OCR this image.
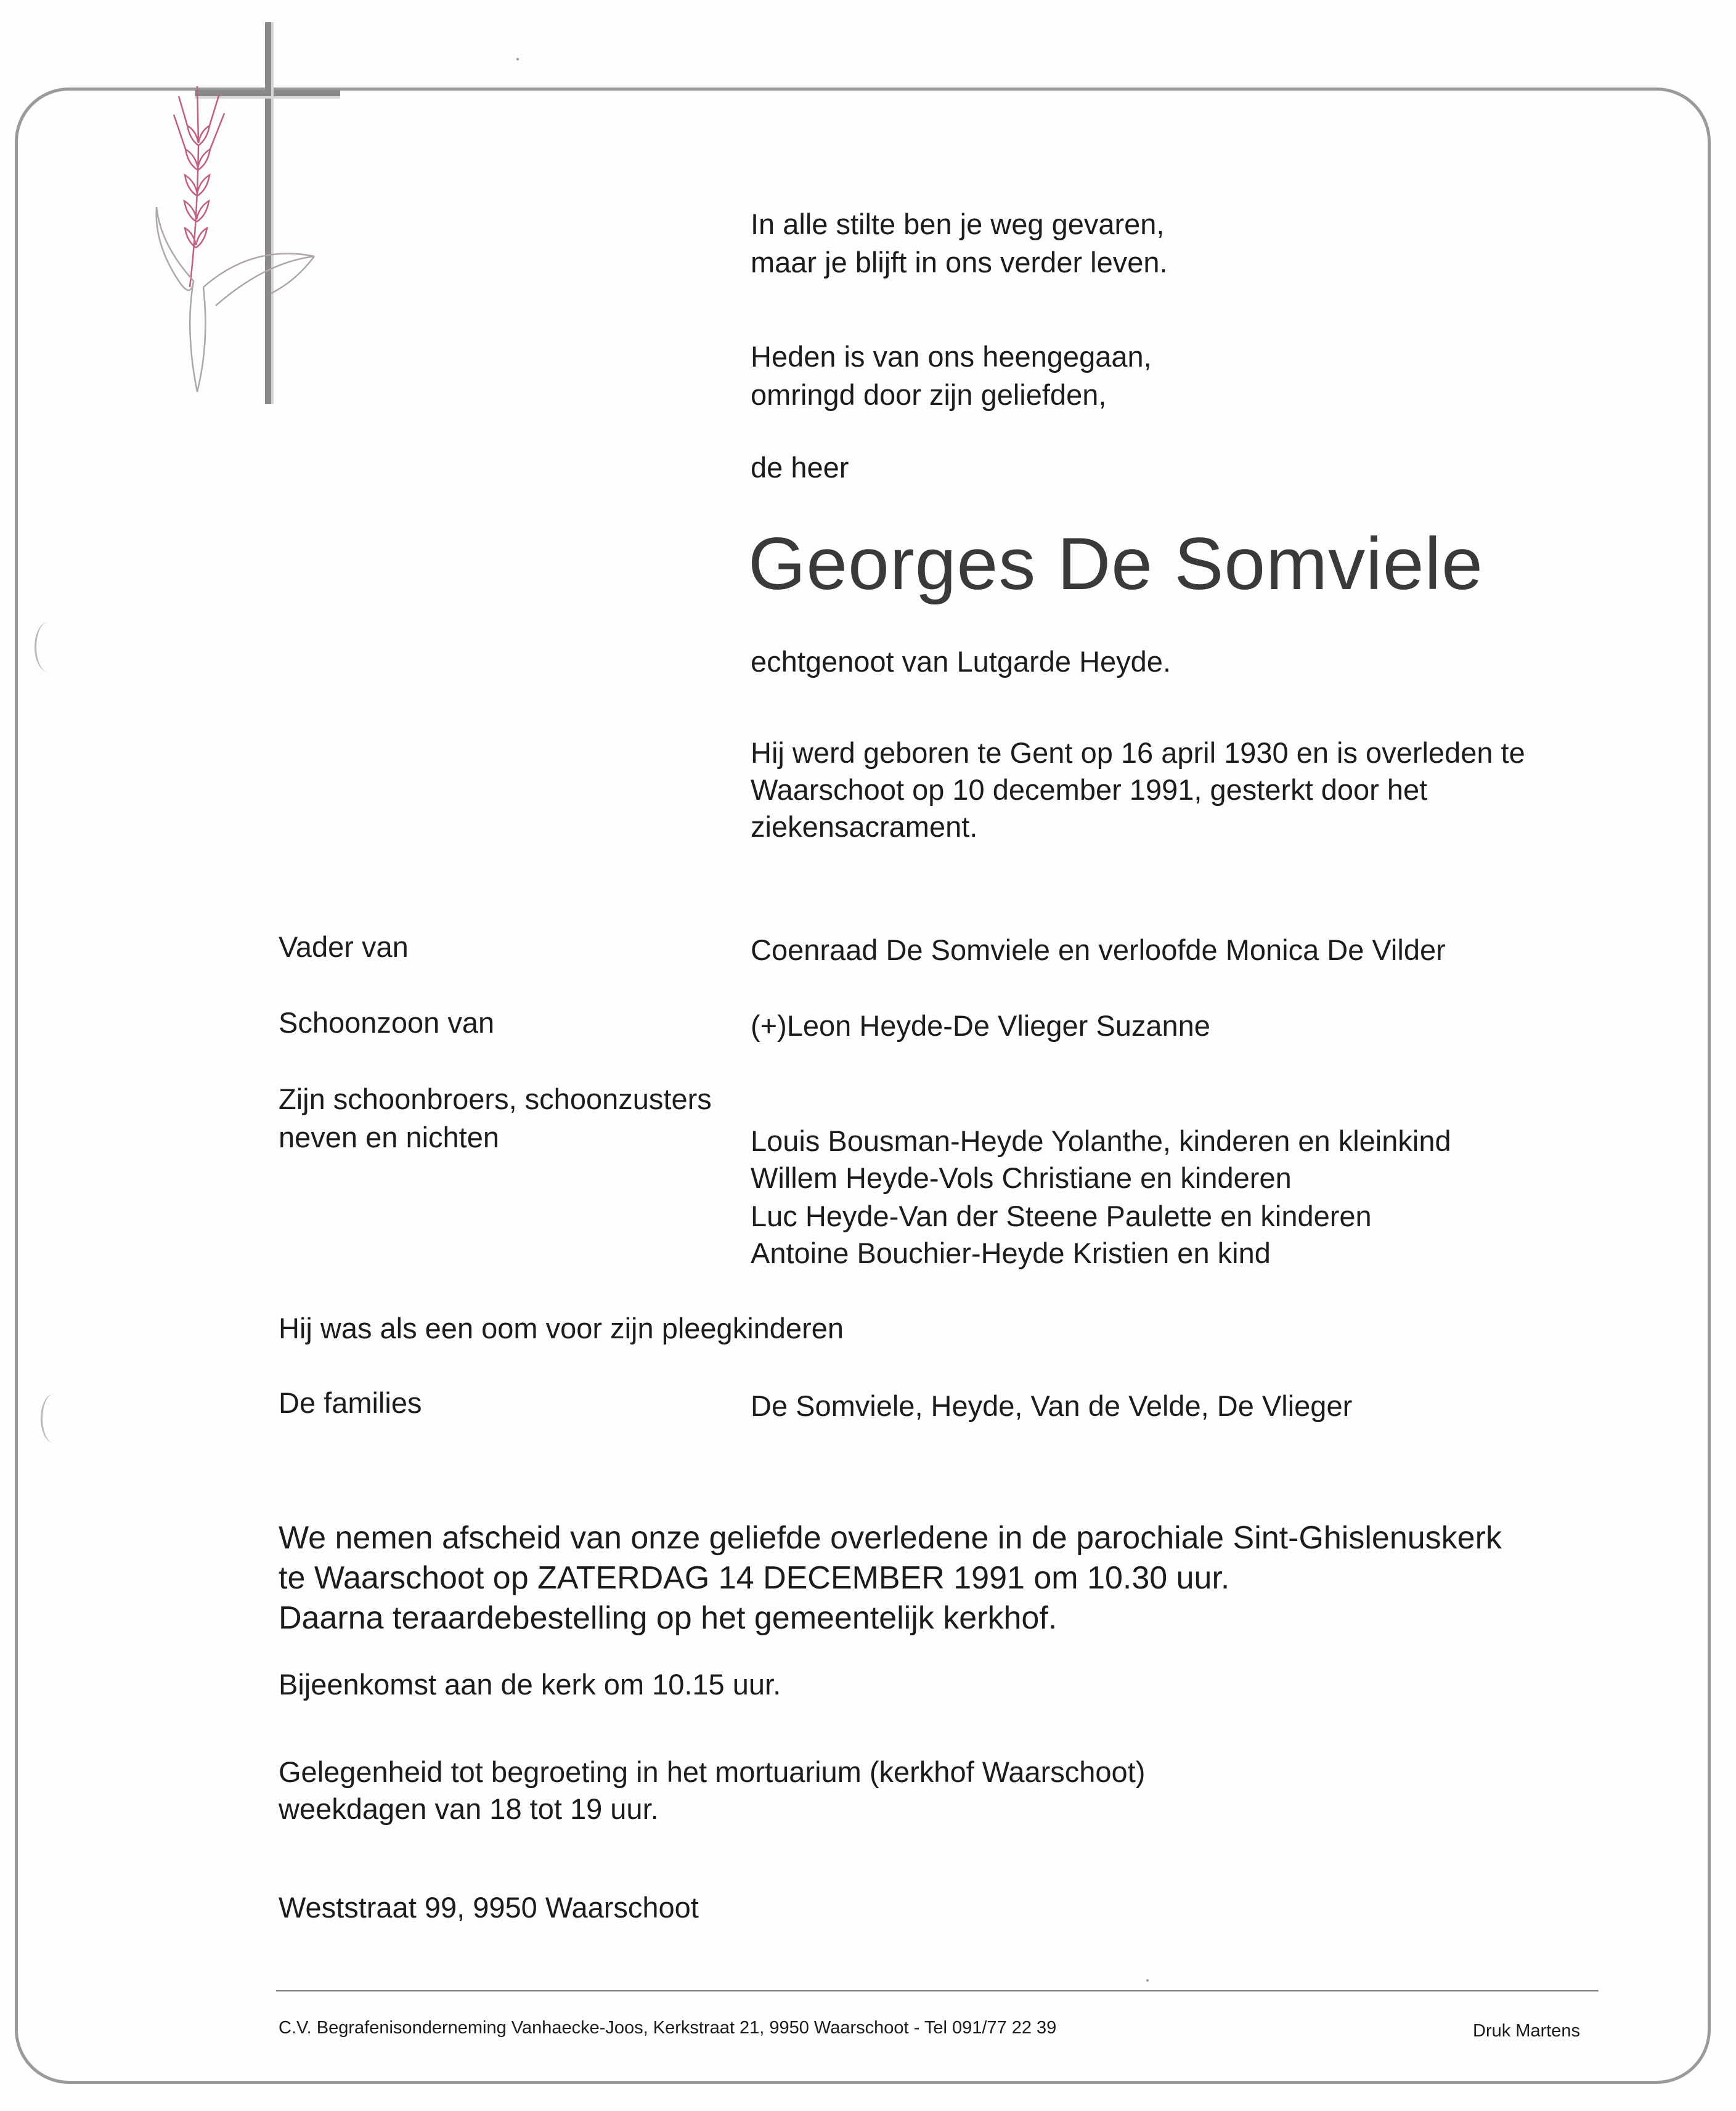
In alle stilte ben je weg gevaren,
maar je blijft in ons verder leven.
Heden is van ons heengegaan,
omringd door zijn geliefden,
de heer
Georges De Somviele
echtgenoot van Lutgarde Heyde.
Hij werd geboren te Gent op 16 april 1930 en is overleden te
Waarschoot op 10 december 1991, gesterkt door het
ziekensacrament.
Vader van	Coenraad De Somviele en verloofde Monica De Vilder
Schoonzoon van	(+)Leon Heyde-De Vlieger Suzanne
Zijn schoonbroers, schoonzusters
neven en nichten	Louis Bousman-Heyde Yolanthe, kinderen en kleinkind
Willem Heyde-Vols Christiane en kinderen
Luc Heyde-Van der Steene Paulette en kinderen
Antoine Bouchier-Heyde Kristien en kind
Hij was als een oom voor zijn pleegkinderen
De families	De Somviele, Heyde, Van de Velde, De Vlieger
We nemen afscheid van onze geliefde overledene in de parochiale Sint-Ghislenuskerk
te Waarschoot op ZATERDAG 14 DECEMBER 1991 om 10.30 uur.
Daarna teraardebestelling op het gemeentelijk kerkhof.
Bijeenkomst aan de kerk om 10.15 uur.
Gelegenheid tot begroeting in het mortuarium (kerkhof Waarschoot)
weekdagen van 18 tot 19 uur.
Weststraat 99, 9950 Waarschoot
C.V. Begrafenisonderneming Vanhaecke-Joos, Kerkstraat 21, 9950 Waarschoot - Tel 091/77 22 39	Druk Martens
